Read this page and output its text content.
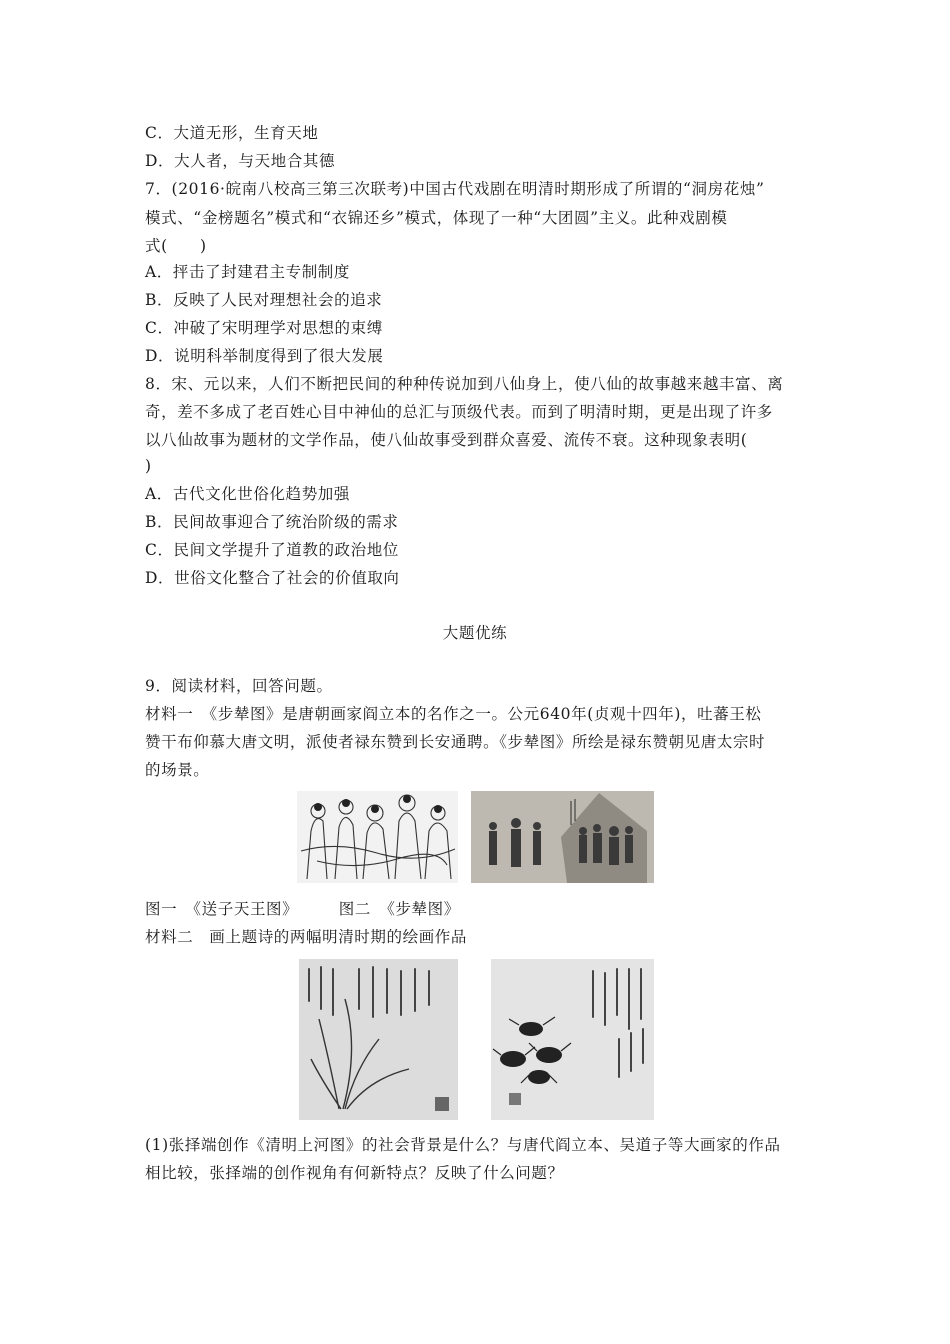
C．大道无形，生育天地
D．大人者，与天地合其德
7．(2016·皖南八校高三第三次联考)中国古代戏剧在明清时期形成了所谓的“洞房花烛”
模式、“金榜题名”模式和“衣锦还乡”模式，体现了一种“大团圆”主义。此种戏剧模
式(　　)
A．抨击了封建君主专制制度
B．反映了人民对理想社会的追求
C．冲破了宋明理学对思想的束缚
D．说明科举制度得到了很大发展
8．宋、元以来，人们不断把民间的种种传说加到八仙身上，使八仙的故事越来越丰富、离
奇，差不多成了老百姓心目中神仙的总汇与顶级代表。而到了明清时期，更是出现了许多
以八仙故事为题材的文学作品，使八仙故事受到群众喜爱、流传不衰。这种现象表明(
)
A．古代文化世俗化趋势加强
B．民间故事迎合了统治阶级的需求
C．民间文学提升了道教的政治地位
D．世俗文化整合了社会的价值取向
大题优练
9．阅读材料，回答问题。
材料一　《步辇图》是唐朝画家阎立本的名作之一。公元640年(贞观十四年)，吐蕃王松
赞干布仰慕大唐文明，派使者禄东赞到长安通聘。《步辇图》所绘是禄东赞朝见唐太宗时
的场景。
图一　《送子天王图》　　　图二　《步辇图》
材料二　画上题诗的两幅明清时期的绘画作品
(1)张择端创作《清明上河图》的社会背景是什么？与唐代阎立本、吴道子等大画家的作品
相比较，张择端的创作视角有何新特点？反映了什么问题？
